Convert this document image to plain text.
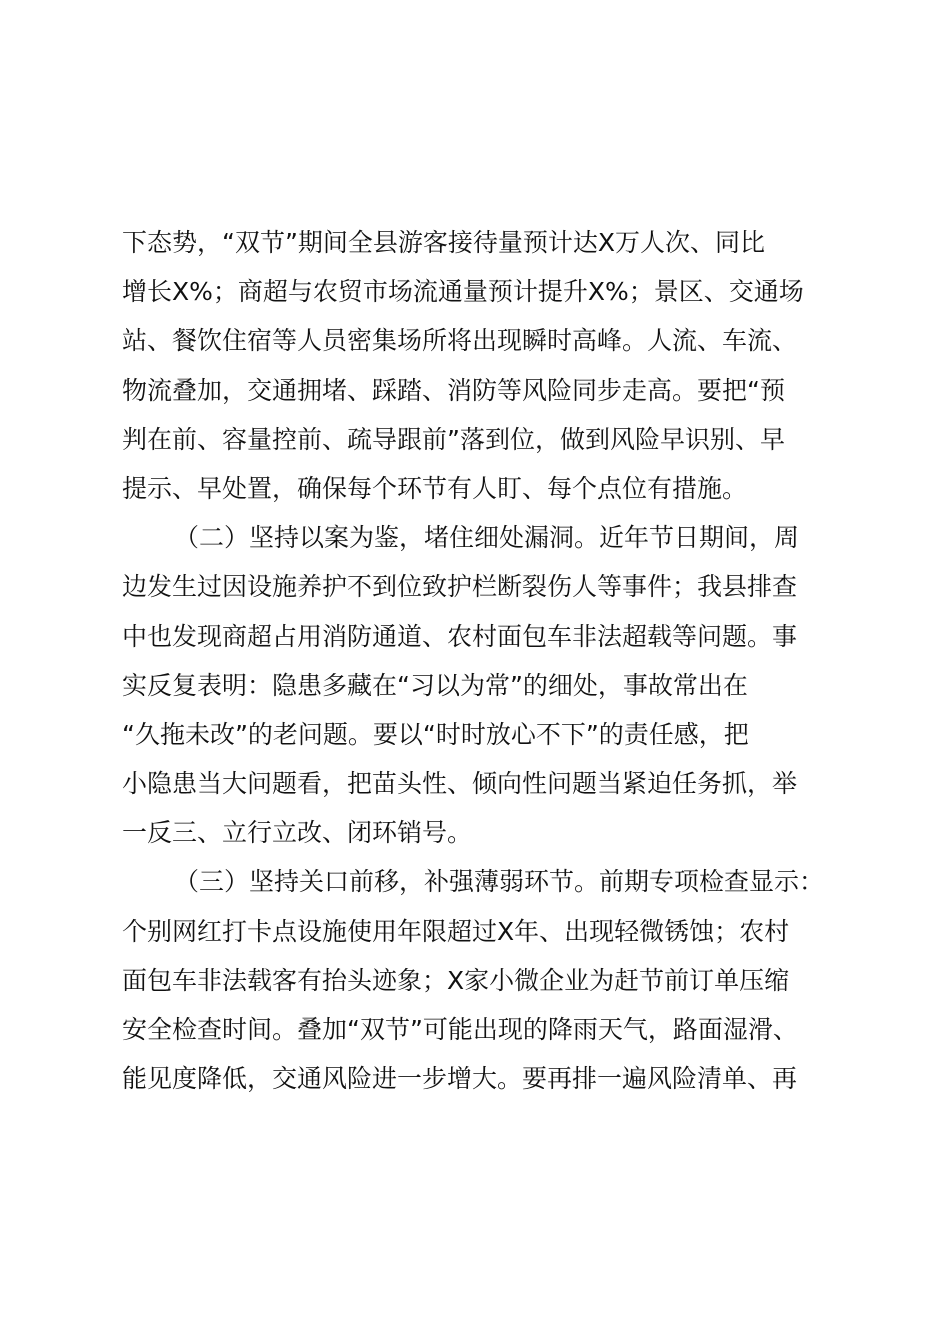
下态势，“双节”期间全县游客接待量预计达X万人次、同比
增长X%；商超与农贸市场流通量预计提升X%；景区、交通场
站、餐饮住宿等人员密集场所将出现瞬时高峰。人流、车流、
物流叠加，交通拥堵、踩踏、消防等风险同步走高。要把“预
判在前、容量控前、疏导跟前”落到位，做到风险早识别、早
提示、早处置，确保每个环节有人盯、每个点位有措施。
（二）坚持以案为鉴，堵住细处漏洞。近年节日期间，周
边发生过因设施养护不到位致护栏断裂伤人等事件；我县排查
中也发现商超占用消防通道、农村面包车非法超载等问题。事
实反复表明：隐患多藏在“习以为常”的细处，事故常出在
“久拖未改”的老问题。要以“时时放心不下”的责任感，把
小隐患当大问题看，把苗头性、倾向性问题当紧迫任务抓，举
一反三、立行立改、闭环销号。
（三）坚持关口前移，补强薄弱环节。前期专项检查显示：
个别网红打卡点设施使用年限超过X年、出现轻微锈蚀；农村
面包车非法载客有抬头迹象；X家小微企业为赶节前订单压缩
安全检查时间。叠加“双节”可能出现的降雨天气，路面湿滑、
能见度降低，交通风险进一步增大。要再排一遍风险清单、再
